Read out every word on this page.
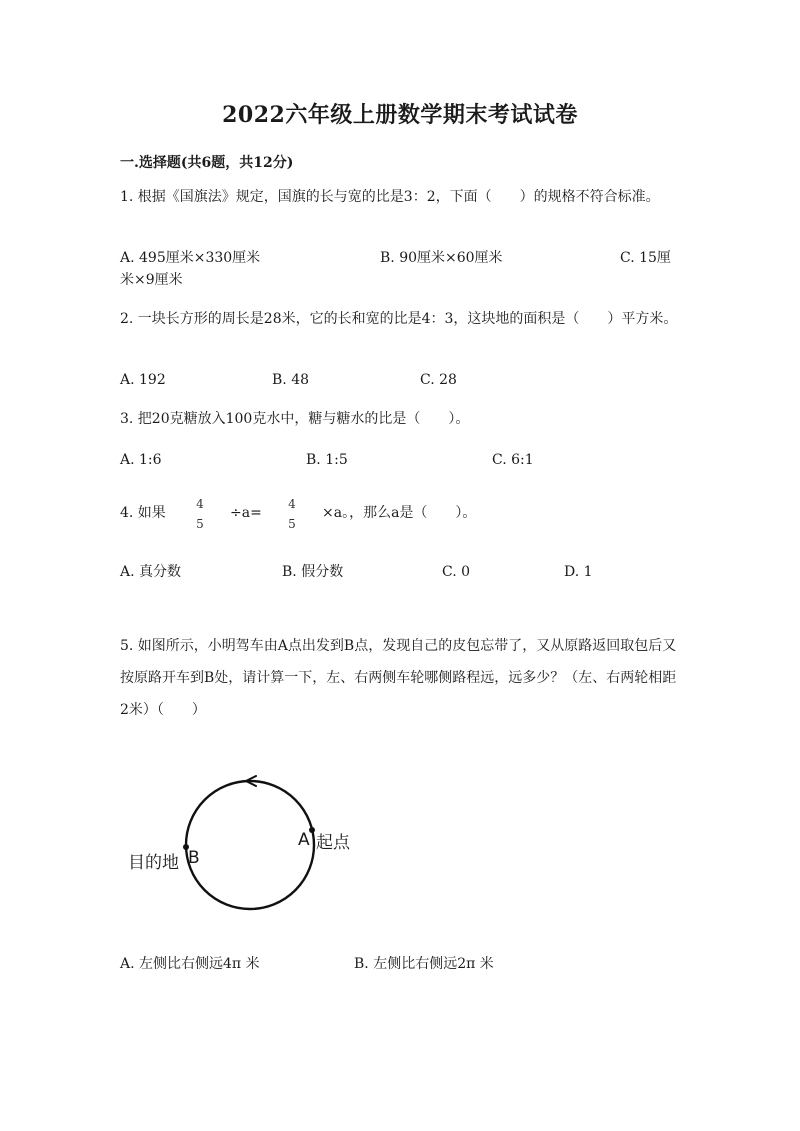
2022六年级上册数学期末考试试卷
一.选择题(共6题，共12分)
1. 根据《国旗法》规定，国旗的长与宽的比是3：2，下面（　　）的规格不符合标准。
A. 495厘米×330厘米	B. 90厘米×60厘米	C. 15厘
米×9厘米
2. 一块长方形的周长是28米，它的长和宽的比是4：3，这块地的面积是（　　）平方米。
A. 192	B. 48	C. 28
3. 把20克糖放入100克水中，糖与糖水的比是（　　）。
A. 1:6	B. 1:5	C. 6:1
4. 如果
4
5
÷a=
4
5
×a。，那么a是（　　）。
A. 真分数	B. 假分数	C. 0	D. 1
5. 如图所示，小明驾车由A点出发到B点，发现自己的皮包忘带了，又从原路返回取包后又按原路开车到B处，请计算一下，左、右两侧车轮哪侧路程远，远多少？（左、右两轮相距2米）（　　）
A 起点
目的地 B
A. 左侧比右侧远4π 米	B. 左侧比右侧远2π 米
